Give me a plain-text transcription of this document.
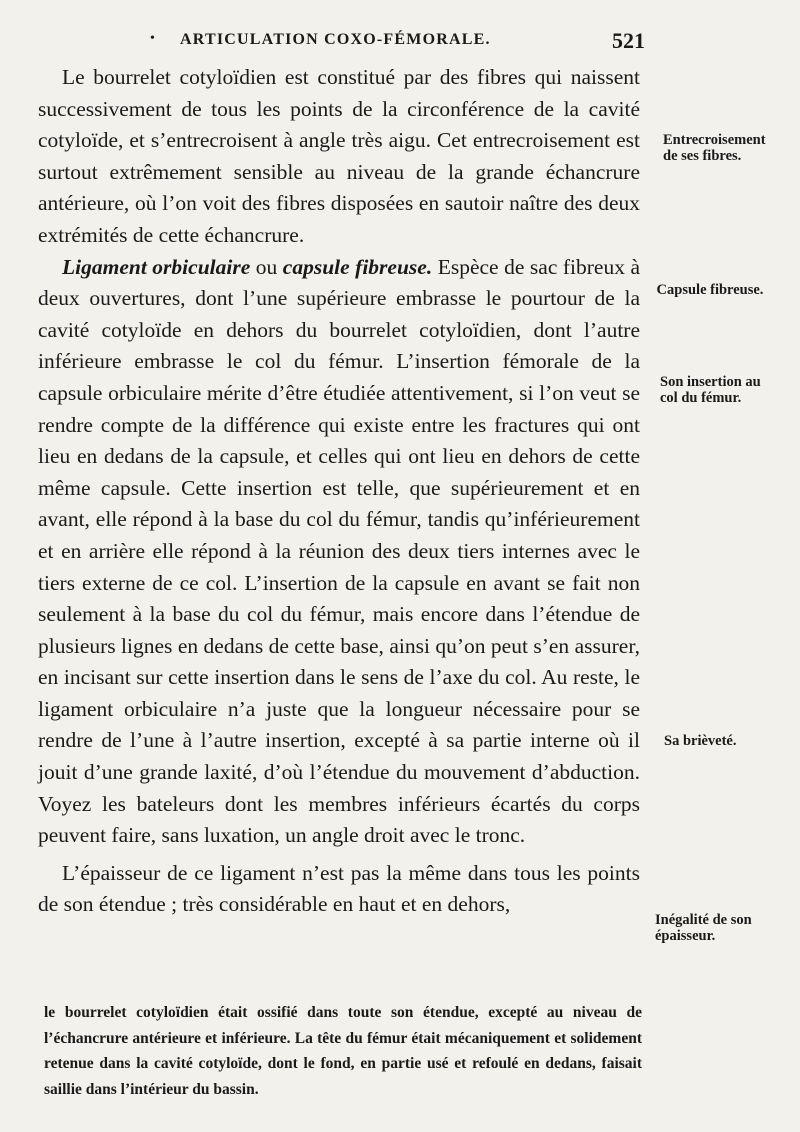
• ARTICULATION COXO-FÉMORALE.	521

Le bourrelet cotyloïdien est constitué par des fibres qui naissent successivement de tous les points de la circonférence de la cavité cotyloïde, et s’entrecroisent à angle très aigu. Cet entrecroisement est surtout extrêmement sensible au niveau de la grande échancrure antérieure, où l’on voit des fibres disposées en sautoir naître des deux extrémités de cette échancrure.

Ligament orbiculaire ou capsule fibreuse. Espèce de sac fibreux à deux ouvertures, dont l’une supérieure embrasse le pourtour de la cavité cotyloïde en dehors du bourrelet cotyloïdien, dont l’autre inférieure embrasse le col du fémur. L’insertion fémorale de la capsule orbiculaire mérite d’être étudiée attentivement, si l’on veut se rendre compte de la différence qui existe entre les fractures qui ont lieu en dedans de la capsule, et celles qui ont lieu en dehors de cette même capsule. Cette insertion est telle, que supérieurement et en avant, elle répond à la base du col du fémur, tandis qu’inférieurement et en arrière elle répond à la réunion des deux tiers internes avec le tiers externe de ce col. L’insertion de la capsule en avant se fait non seulement à la base du col du fémur, mais encore dans l’étendue de plusieurs lignes en dedans de cette base, ainsi qu’on peut s’en assurer, en incisant sur cette insertion dans le sens de l’axe du col. Au reste, le ligament orbiculaire n’a juste que la longueur nécessaire pour se rendre de l’une à l’autre insertion, excepté à sa partie interne où il jouit d’une grande laxité, d’où l’étendue du mouvement d’abduction. Voyez les bateleurs dont les membres inférieurs écartés du corps peuvent faire, sans luxation, un angle droit avec le tronc.

L’épaisseur de ce ligament n’est pas la même dans tous les points de son étendue ; très considérable en haut et en dehors,

Entrecroisement de ses fibres.
Capsule fibreuse.
Son insertion au col du fémur.
Sa brièveté.
Inégalité de son épaisseur.
le bourrelet cotyloïdien était ossifié dans toute son étendue, excepté au niveau de l’échancrure antérieure et inférieure. La tête du fémur était mécaniquement et solidement retenue dans la cavité cotyloïde, dont le fond, en partie usé et refoulé en dedans, faisait saillie dans l’intérieur du bassin.
